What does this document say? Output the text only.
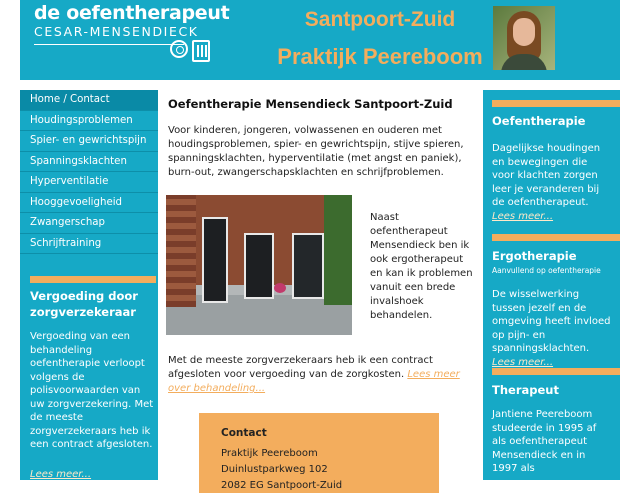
de oefentherapeut
CESAR-MENSENDIECK
Santpoort-Zuid
Praktijk Peereboom
Home / Contact
Houdingsproblemen
Spier- en gewrichtspijn
Spanningsklachten
Hyperventilatie
Hooggevoeligheid
Zwangerschap
Schrijftraining
Vergoeding door zorgverzekeraar
Vergoeding van een behandeling oefentherapie verloopt volgens de polisvoorwaarden van uw zorgverzekering. Met de meeste zorgverzekeraars heb ik een contract afgesloten.
Lees meer...
Oefentherapie Mensendieck Santpoort-Zuid
Voor kinderen, jongeren, volwassenen en ouderen met houdingsproblemen, spier- en gewrichtspijn, stijve spieren, spanningsklachten, hyperventilatie (met angst en paniek), burn-out, zwangerschapsklachten en schrijfproblemen.
Naast oefentherapeut Mensendieck ben ik ook ergotherapeut en kan ik problemen vanuit een brede invalshoek behandelen.
Met de meeste zorgverzekeraars heb ik een contract afgesloten voor vergoeding van de zorgkosten. Lees meer over behandeling...
Contact
Praktijk Peereboom
Duinlustparkweg 102
2082 EG Santpoort-Zuid
Oefentherapie
Dagelijkse houdingen en bewegingen die voor klachten zorgen leer je veranderen bij de oefentherapeut. Lees meer...
Ergotherapie
Aanvullend op oefentherapie
De wisselwerking tussen jezelf en de omgeving heeft invloed op pijn- en spanningsklachten. Lees meer...
Therapeut
Jantiene Peereboom studeerde in 1995 af als oefentherapeut Mensendieck en in 1997 als
